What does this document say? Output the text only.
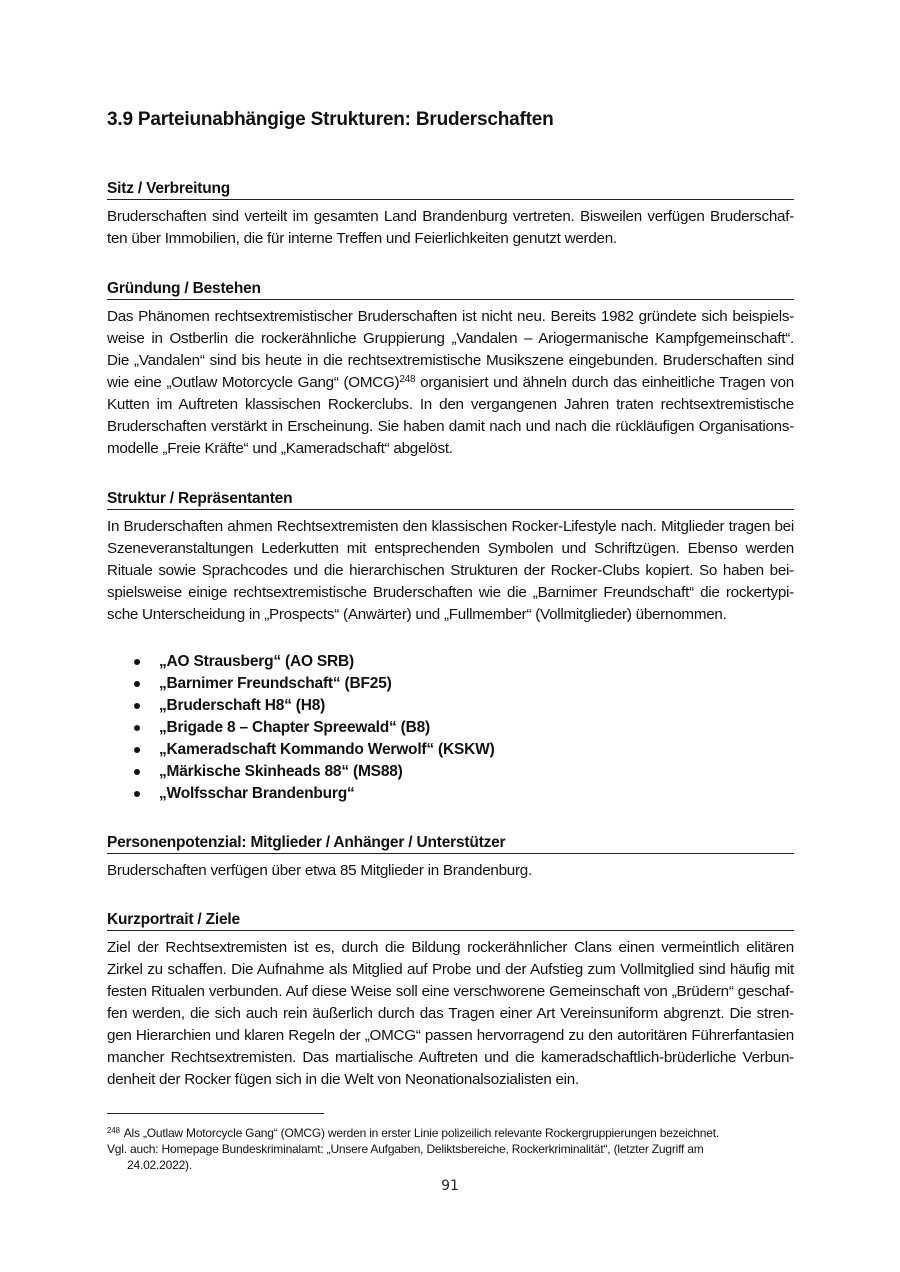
3.9 Parteiunabhängige Strukturen: Bruderschaften
Sitz / Verbreitung

Bruderschaften sind verteilt im gesamten Land Brandenburg vertreten. Bisweilen verfügen Bruderschaf- ten über Immobilien, die für interne Treffen und Feierlichkeiten genutzt werden.

Gründung / Bestehen

Das Phänomen rechtsextremistischer Bruderschaften ist nicht neu. Bereits 1982 gründete sich beispiels- weise in Ostberlin die rockerähnliche Gruppierung „Vandalen – Ariogermanische Kampfgemeinschaft“. Die „Vandalen“ sind bis heute in die rechtsextremistische Musikszene eingebunden. Bruderschaften sind wie eine „Outlaw Motorcycle Gang“ (OMCG)$^{248}$ organisiert und ähneln durch das einheitliche Tragen von Kutten im Auftreten klassischen Rockerclubs. In den vergangenen Jahren traten rechtsextremistische Bruderschaften verstärkt in Erscheinung. Sie haben damit nach und nach die rückläufigen Organisations- modelle „Freie Kräfte“ und „Kameradschaft“ abgelöst.

Struktur / Repräsentanten

In Bruderschaften ahmen Rechtsextremisten den klassischen Rocker-Lifestyle nach. Mitglieder tragen bei Szeneveranstaltungen Lederkutten mit entsprechenden Symbolen und Schriftzügen. Ebenso werden Rituale sowie Sprachcodes und die hierarchischen Strukturen der Rocker-Clubs kopiert. So haben bei- spielsweise einige rechtsextremistische Bruderschaften wie die „Barnimer Freundschaft“ die rockertypi- sche Unterscheidung in „Prospects“ (Anwärter) und „Fullmember“ (Vollmitglieder) übernommen.

„AO Strausberg“ (AO SRB)
„Barnimer Freundschaft“ (BF25)
„Bruderschaft H8“ (H8)
„Brigade 8 – Chapter Spreewald“ (B8)
„Kameradschaft Kommando Werwolf“ (KSKW)
„Märkische Skinheads 88“ (MS88)
„Wolfsschar Brandenburg“
Personenpotenzial: Mitglieder / Anhänger / Unterstützer

Bruderschaften verfügen über etwa 85 Mitglieder in Brandenburg.

Kurzportrait / Ziele

Ziel der Rechtsextremisten ist es, durch die Bildung rockerähnlicher Clans einen vermeintlich elitären Zirkel zu schaffen. Die Aufnahme als Mitglied auf Probe und der Aufstieg zum Vollmitglied sind häufig mit festen Ritualen verbunden. Auf diese Weise soll eine verschworene Gemeinschaft von „Brüdern“ geschaf- fen werden, die sich auch rein äußerlich durch das Tragen einer Art Vereinsuniform abgrenzt. Die stren- gen Hierarchien und klaren Regeln der „OMCG“ passen hervorragend zu den autoritären Führerfantasien mancher Rechtsextremisten. Das martialische Auftreten und die kameradschaftlich-brüderliche Verbun- denheit der Rocker fügen sich in die Welt von Neonationalsozialisten ein.

$^{248}$ Als „Outlaw Motorcycle Gang“ (OMCG) werden in erster Linie polizeilich relevante Rockergruppierungen bezeichnet.
Vgl. auch: Homepage Bundeskriminalamt: „Unsere Aufgaben, Deliktsbereiche, Rockerkriminalität“, (letzter Zugriff am
24.02.2022).
91
